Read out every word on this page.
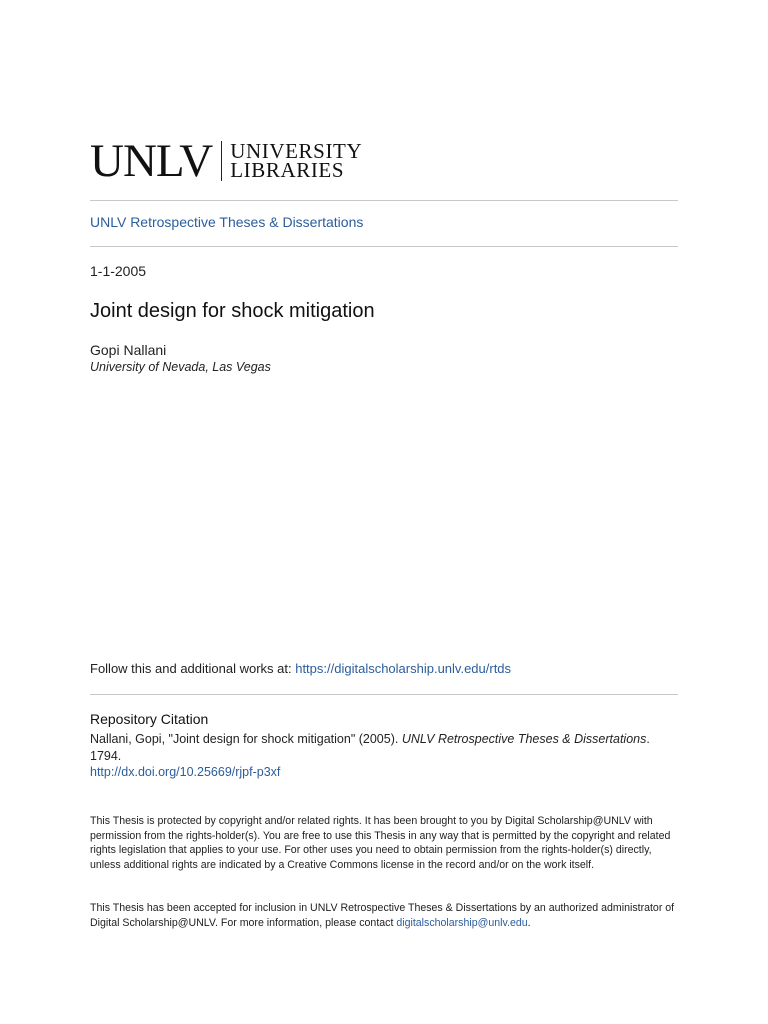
UNLV UNIVERSITY
LIBRARIES
UNLV Retrospective Theses & Dissertations
1-1-2005
Joint design for shock mitigation
Gopi Nallani
University of Nevada, Las Vegas
Follow this and additional works at: https://digitalscholarship.unlv.edu/rtds
Repository Citation
Nallani, Gopi, "Joint design for shock mitigation" (2005). UNLV Retrospective Theses & Dissertations. 1794.
http://dx.doi.org/10.25669/rjpf-p3xf

This Thesis is protected by copyright and/or related rights. It has been brought to you by Digital Scholarship@UNLV with permission from the rights-holder(s). You are free to use this Thesis in any way that is permitted by the copyright and related rights legislation that applies to your use. For other uses you need to obtain permission from the rights-holder(s) directly, unless additional rights are indicated by a Creative Commons license in the record and/or on the work itself.

This Thesis has been accepted for inclusion in UNLV Retrospective Theses & Dissertations by an authorized administrator of Digital Scholarship@UNLV. For more information, please contact digitalscholarship@unlv.edu.
